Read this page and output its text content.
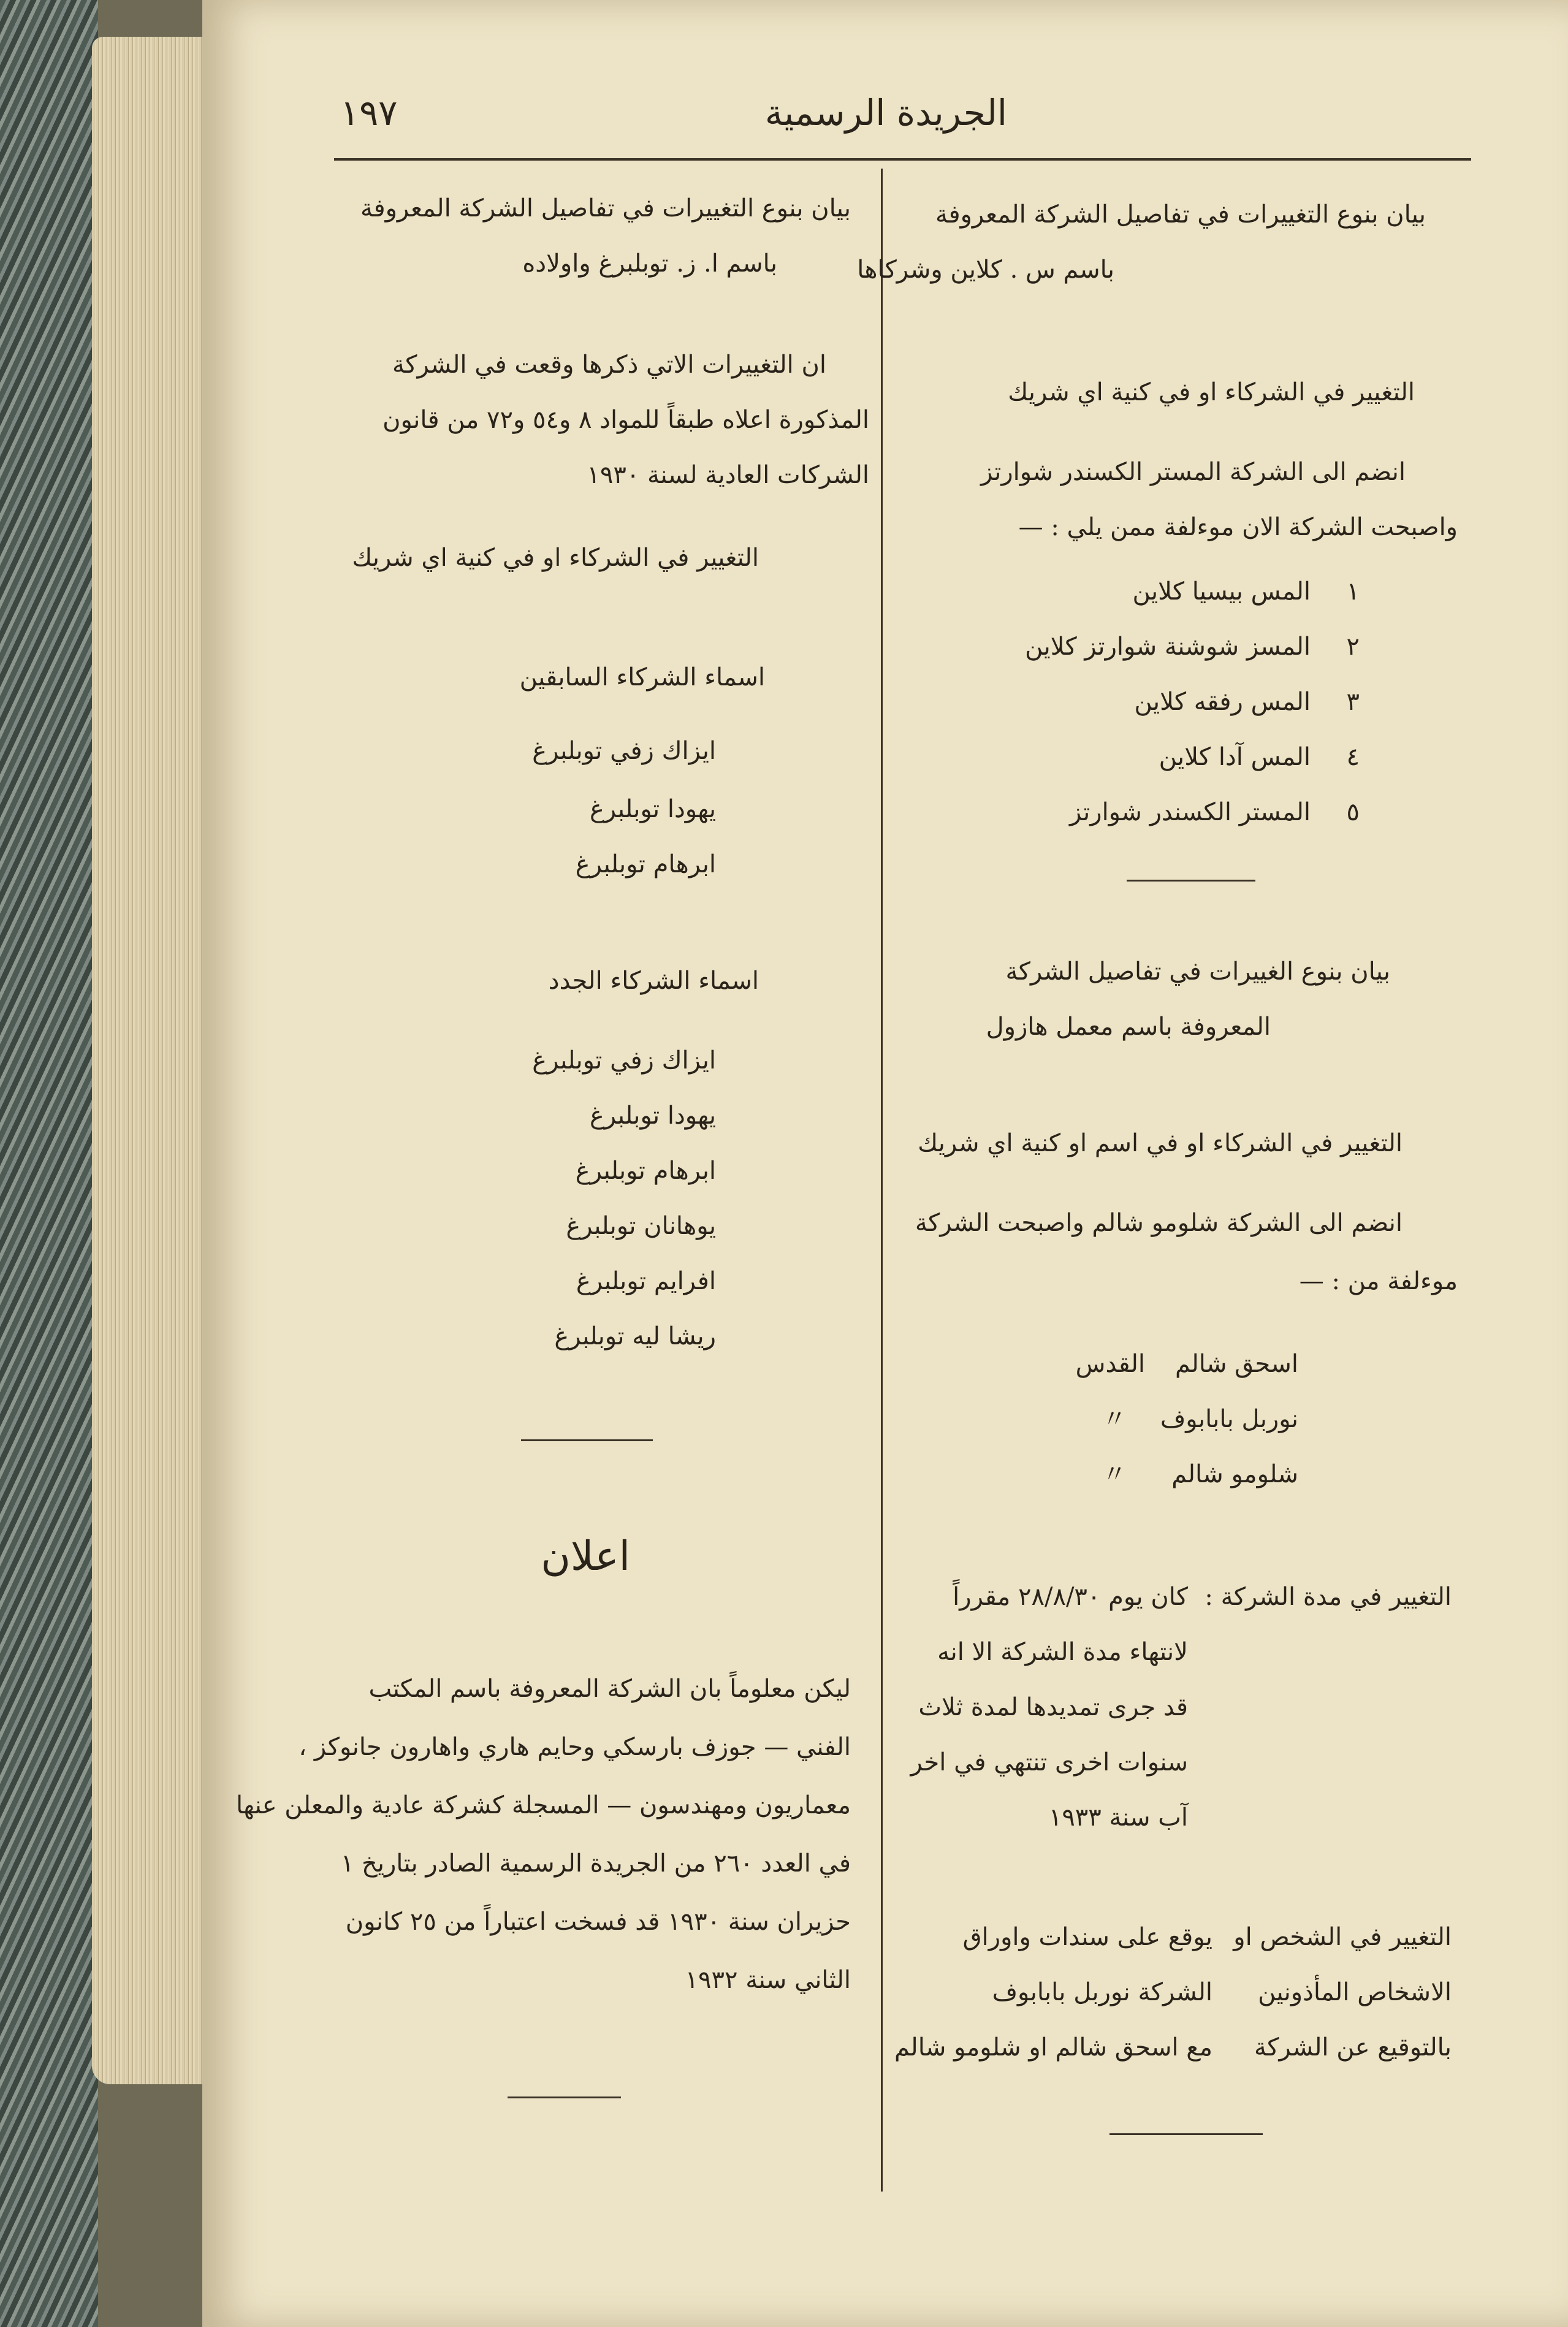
١٩٧	الجريدة الرسمية
بيان بنوع التغييرات في تفاصيل الشركة المعروفة
باسم س . كلاين وشركاها
التغيير في الشركاء او في كنية اي شريك
انضم الى الشركة المستر الكسندر شوارتز
واصبحت الشركة الان موءلفة ممن يلي : —
١
المس بيسيا كلاين
٢
المسز شوشنة شوارتز كلاين
٣
المس رفقه كلاين
٤
المس آدا كلاين
٥
المستر الكسندر شوارتز
بيان بنوع الغييرات في تفاصيل الشركة
المعروفة باسم معمل هازول
التغيير في الشركاء او في اسم او كنية اي شريك
انضم الى الشركة شلومو شالم واصبحت الشركة
موءلفة من : —
اسحق شالم
القدس
نوربل بابابوف
〃
شلومو شالم
〃
التغيير في مدة الشركة :
كان يوم ٢٨/٨/٣٠ مقرراً
لانتهاء مدة الشركة الا انه
قد جرى تمديدها لمدة ثلاث
سنوات اخرى تنتهي في اخر
آب سنة ١٩٣٣
التغيير في الشخص او
الاشخاص المأذونين
بالتوقيع عن الشركة
يوقع على سندات واوراق
الشركة نوربل بابابوف
مع اسحق شالم او شلومو شالم
بيان بنوع التغييرات في تفاصيل الشركة المعروفة
باسم ا. ز. توبلبرغ واولاده
ان التغييرات الاتي ذكرها وقعت في الشركة
المذكورة اعلاه طبقاً للمواد ٨ و٥٤ و٧٢ من قانون
الشركات العادية لسنة ١٩٣٠
التغيير في الشركاء او في كنية اي شريك
اسماء الشركاء السابقين
ايزاك زفي توبلبرغ
يهودا توبلبرغ
ابرهام توبلبرغ
اسماء الشركاء الجدد
ايزاك زفي توبلبرغ
يهودا توبلبرغ
ابرهام توبلبرغ
يوهانان توبلبرغ
افرايم توبلبرغ
ريشا ليه توبلبرغ
اعلان
ليكن معلوماً بان الشركة المعروفة باسم المكتب
الفني — جوزف بارسكي وحايم هاري واهارون جانوكز ،
معماريون ومهندسون — المسجلة كشركة عادية والمعلن عنها
في العدد ٢٦٠ من الجريدة الرسمية الصادر بتاريخ ١
حزيران سنة ١٩٣٠ قد فسخت اعتباراً من ٢٥ كانون
الثاني سنة ١٩٣٢
